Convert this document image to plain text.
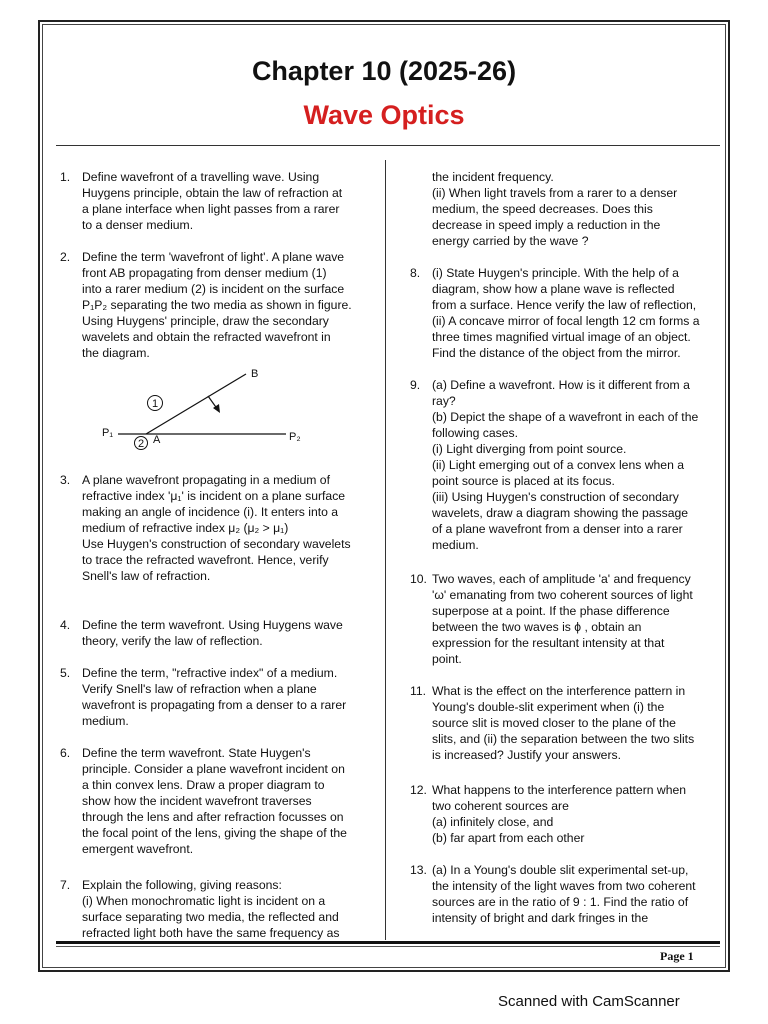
Chapter 10 (2025-26)
Wave Optics
1. Define wavefront of a travelling wave. Using
Huygens principle, obtain the law of refraction at
a plane interface when light passes from a rarer
to a denser medium.
2. Define the term 'wavefront of light'. A plane wave
front AB propagating from denser medium (1)
into a rarer medium (2) is incident on the surface
P₁P₂ separating the two media as shown in figure.
Using Huygens' principle, draw the secondary
wavelets and obtain the refracted wavefront in
the diagram.
3. A plane wavefront propagating in a medium of
refractive index 'μ₁' is incident on a plane surface
making an angle of incidence (i). It enters into a
medium of refractive index μ₂ (μ₂ > μ₁)
Use Huygen's construction of secondary wavelets
to trace the refracted wavefront. Hence, verify
Snell's law of refraction.
4. Define the term wavefront. Using Huygens wave
theory, verify the law of reflection.
5. Define the term, "refractive index" of a medium.
Verify Snell's law of refraction when a plane
wavefront is propagating from a denser to a rarer
medium.
6. Define the term wavefront. State Huygen's
principle. Consider a plane wavefront incident on
a thin convex lens. Draw a proper diagram to
show how the incident wavefront traverses
through the lens and after refraction focusses on
the focal point of the lens, giving the shape of the
emergent wavefront.
7. Explain the following, giving reasons:
(i) When monochromatic light is incident on a
surface separating two media, the reflected and
refracted light both have the same frequency as
1
2
B
A
P₁	P₂
the incident frequency.
(ii) When light travels from a rarer to a denser
medium, the speed decreases. Does this
decrease in speed imply a reduction in the
energy carried by the wave ?
8. (i) State Huygen's principle. With the help of a
diagram, show how a plane wave is reflected
from a surface. Hence verify the law of reflection,
(ii) A concave mirror of focal length 12 cm forms a
three times magnified virtual image of an object.
Find the distance of the object from the mirror.
9. (a) Define a wavefront. How is it different from a
ray?
(b) Depict the shape of a wavefront in each of the
following cases.
(i) Light diverging from point source.
(ii) Light emerging out of a convex lens when a
point source is placed at its focus.
(iii) Using Huygen's construction of secondary
wavelets, draw a diagram showing the passage
of a plane wavefront from a denser into a rarer
medium.
10. Two waves, each of amplitude 'a' and frequency
'ω' emanating from two coherent sources of light
superpose at a point. If the phase difference
between the two waves is ϕ , obtain an
expression for the resultant intensity at that
point.
11. What is the effect on the interference pattern in
Young's double-slit experiment when (i) the
source slit is moved closer to the plane of the
slits, and (ii) the separation between the two slits
is increased? Justify your answers.
12. What happens to the interference pattern when
two coherent sources are
(a) infinitely close, and
(b) far apart from each other
13. (a) In a Young's double slit experimental set-up,
the intensity of the light waves from two coherent
sources are in the ratio of 9 : 1. Find the ratio of
intensity of bright and dark fringes in the
Page 1
Scanned with CamScanner
